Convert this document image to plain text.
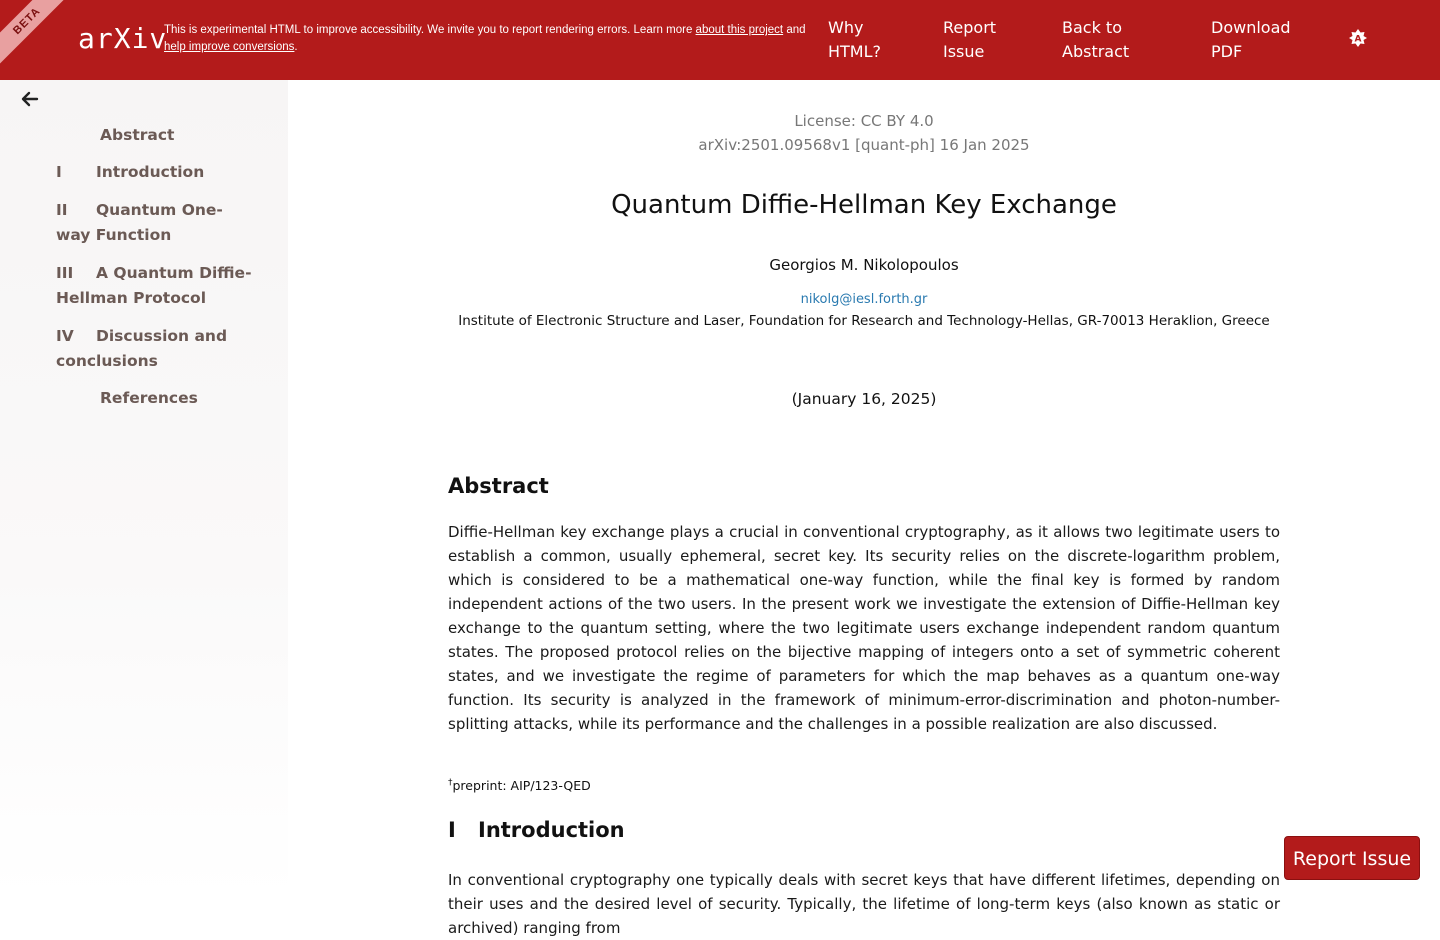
BETA
arXiv
This is experimental HTML to improve accessibility. We invite you to report rendering errors. Learn more about this project and
help improve conversions.
Why HTML?
Report Issue
Back to Abstract
Download PDF
A
Abstract
I Introduction
II Quantum One-way Function
III A Quantum Diffie-Hellman Protocol
IV Discussion and conclusions
References
License: CC BY 4.0
arXiv:2501.09568v1 [quant-ph] 16 Jan 2025
Quantum Diffie-Hellman Key Exchange
Georgios M. Nikolopoulos
nikolg@iesl.forth.gr
Institute of Electronic Structure and Laser, Foundation for Research and Technology-Hellas, GR-70013 Heraklion, Greece
(January 16, 2025)
Abstract
Diffie-Hellman key exchange plays a crucial in conventional cryptography, as it allows two legitimate users to establish a common, usually ephemeral, secret key. Its security relies on the discrete-logarithm problem, which is considered to be a mathematical one-way function, while the final key is formed by random independent actions of the two users. In the present work we investigate the extension of Diffie-Hellman key exchange to the quantum setting, where the two legitimate users exchange independent random quantum states. The proposed protocol relies on the bijective mapping of integers onto a set of symmetric coherent states, and we investigate the regime of parameters for which the map behaves as a quantum one-way function. Its security is analyzed in the framework of minimum-error-discrimination and photon-number-splitting attacks, while its performance and the challenges in a possible realization are also discussed.
†preprint: AIP/123-QED
I Introduction
In conventional cryptography one typically deals with secret keys that have different lifetimes, depending on their uses and the desired level of security. Typically, the lifetime of long-term keys (also known as static or archived) ranging from
Report Issue
